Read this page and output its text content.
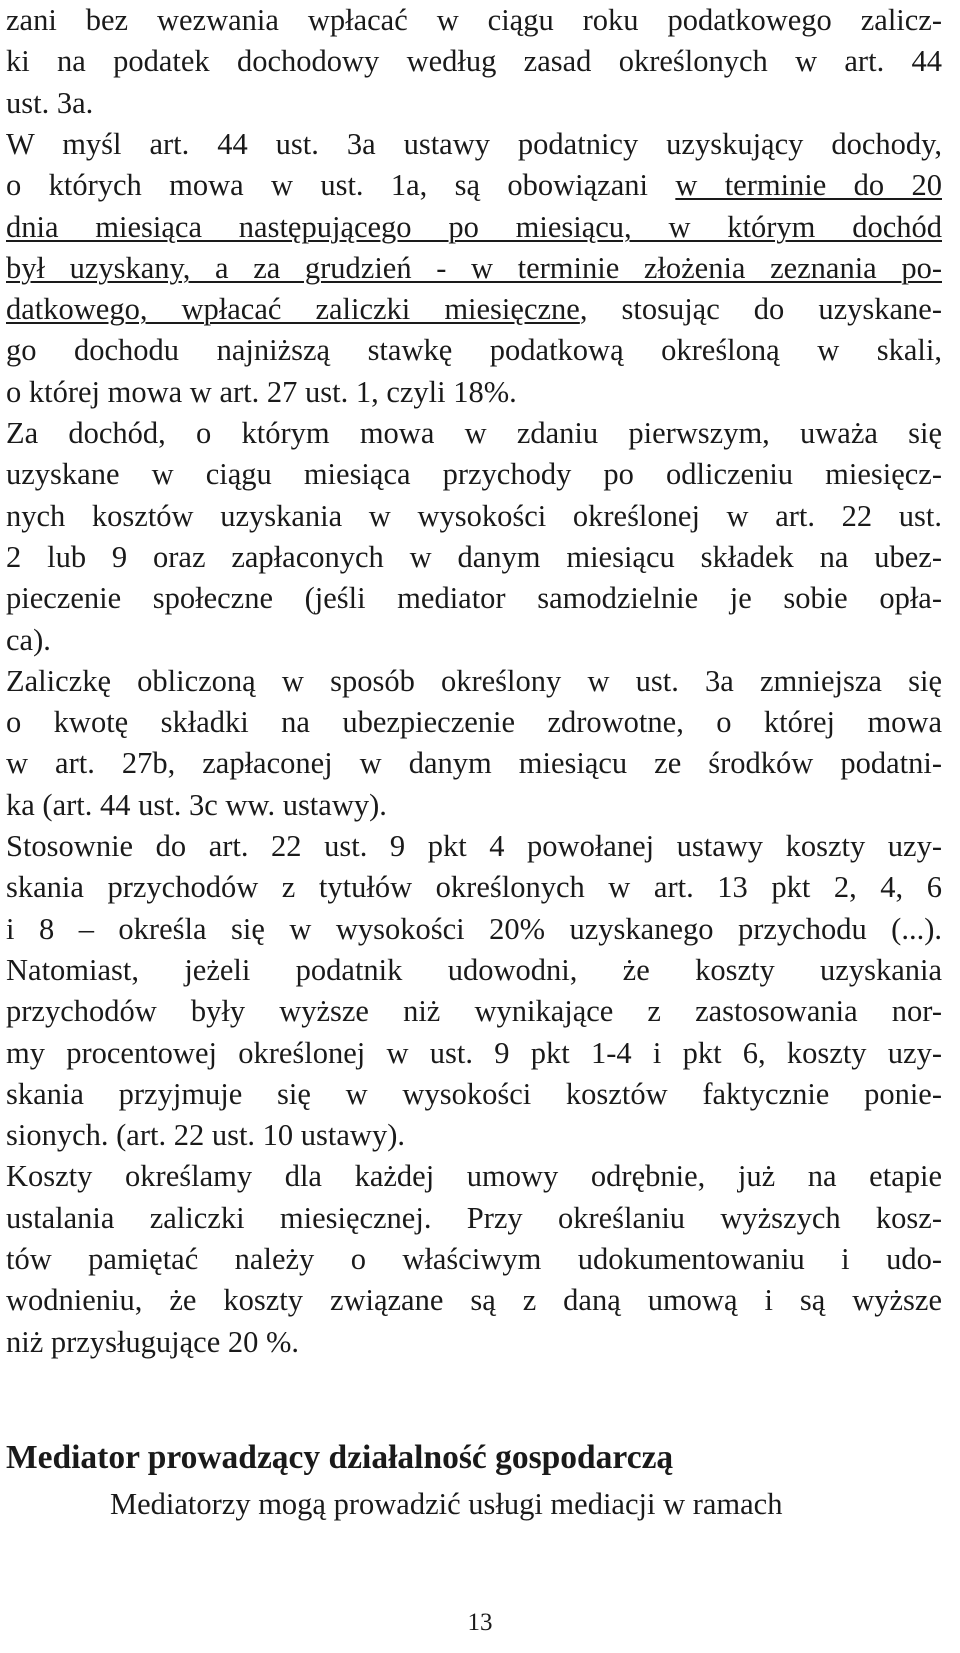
zani bez wezwania wpłacać w ciągu roku podatkowego zalicz-
ki na podatek dochodowy według zasad określonych w art. 44
ust. 3a.
W myśl art. 44 ust. 3a ustawy podatnicy uzyskujący dochody,
o których mowa w ust. 1a, są obowiązani w terminie do 20
dnia miesiąca następującego po miesiącu, w którym dochód
był uzyskany, a za grudzień - w terminie złożenia zeznania po-
datkowego, wpłacać zaliczki miesięczne, stosując do uzyskane-
go dochodu najniższą stawkę podatkową określoną w skali,
o której mowa w art. 27 ust. 1, czyli 18%.
Za dochód, o którym mowa w zdaniu pierwszym, uważa się
uzyskane w ciągu miesiąca przychody po odliczeniu miesięcz-
nych kosztów uzyskania w wysokości określonej w art. 22 ust.
2 lub 9 oraz zapłaconych w danym miesiącu składek na ubez-
pieczenie społeczne (jeśli mediator samodzielnie je sobie opła-
ca).
Zaliczkę obliczoną w sposób określony w ust. 3a zmniejsza się
o kwotę składki na ubezpieczenie zdrowotne, o której mowa
w art. 27b, zapłaconej w danym miesiącu ze środków podatni-
ka (art. 44 ust. 3c ww. ustawy).
Stosownie do art. 22 ust. 9 pkt 4 powołanej ustawy koszty uzy-
skania przychodów z tytułów określonych w art. 13 pkt 2, 4, 6
i 8 – określa się w wysokości 20% uzyskanego przychodu (...).
Natomiast, jeżeli podatnik udowodni, że koszty uzyskania
przychodów były wyższe niż wynikające z zastosowania nor-
my procentowej określonej w ust. 9 pkt 1-4 i pkt 6, koszty uzy-
skania przyjmuje się w wysokości kosztów faktycznie ponie-
sionych. (art. 22 ust. 10 ustawy).
Koszty określamy dla każdej umowy odrębnie, już na etapie
ustalania zaliczki miesięcznej. Przy określaniu wyższych kosz-
tów pamiętać należy o właściwym udokumentowaniu i udo-
wodnieniu, że koszty związane są z daną umową i są wyższe
niż przysługujące 20 %.
Mediator prowadzący działalność gospodarczą
Mediatorzy mogą prowadzić usługi mediacji w ramach
13
